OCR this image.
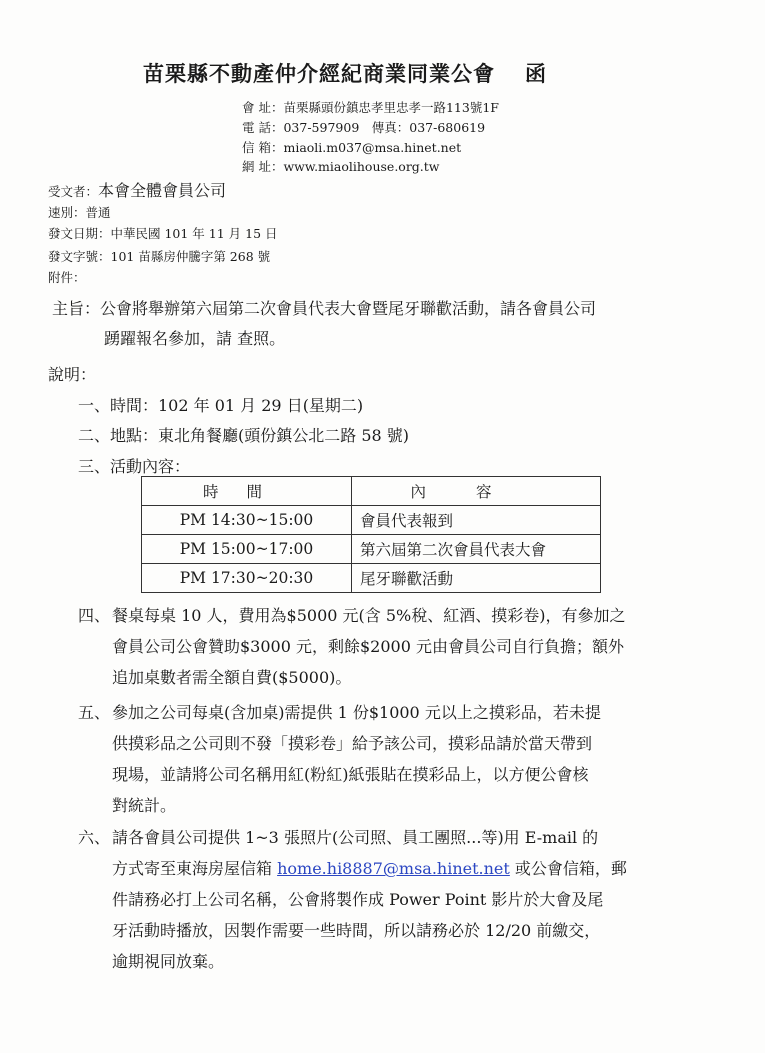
苗栗縣不動產仲介經紀商業同業公會 函
會 址：苗栗縣頭份鎮忠孝里忠孝一路113號1F
電 話：037-597909　傳真：037-680619
信 箱：miaoli.m037@msa.hinet.net
網 址：www.miaolihouse.org.tw
受文者：本會全體會員公司
速別：普通
發文日期：中華民國 101 年 11 月 15 日
發文字號：101 苗縣房仲騰字第 268 號
附件：
主旨：公會將舉辦第六屆第二次會員代表大會暨尾牙聯歡活動，請各會員公司
踴躍報名參加，請 查照。
說明：
一、時間：102 年 01 月 29 日(星期二)
二、地點：東北角餐廳(頭份鎮公北二路 58 號)
三、活動內容：
時間	內容
PM 14:30~15:00	會員代表報到
PM 15:00~17:00	第六屆第二次會員代表大會
PM 17:30~20:30	尾牙聯歡活動
四、 餐桌每桌 10 人，費用為$5000 元(含 5%稅、紅酒、摸彩卷)，有參加之
會員公司公會贊助$3000 元，剩餘$2000 元由會員公司自行負擔；額外
追加桌數者需全額自費($5000)。
五、 參加之公司每桌(含加桌)需提供 1 份$1000 元以上之摸彩品，若未提
供摸彩品之公司則不發「摸彩卷」給予該公司，摸彩品請於當天帶到
現場，並請將公司名稱用紅(粉紅)紙張貼在摸彩品上，以方便公會核
對統計。
六、 請各會員公司提供 1~3 張照片(公司照、員工團照...等)用 E-mail 的
方式寄至東海房屋信箱 home.hi8887@msa.hinet.net 或公會信箱，郵
件請務必打上公司名稱，公會將製作成 Power Point 影片於大會及尾
牙活動時播放，因製作需要一些時間，所以請務必於 12/20 前繳交，
逾期視同放棄。
